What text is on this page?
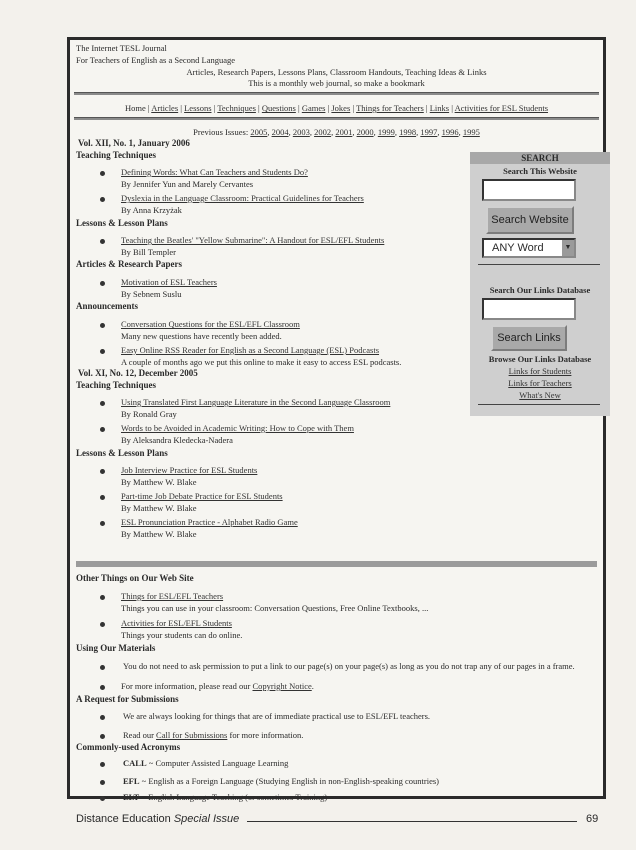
The Internet TESL Journal
For Teachers of English as a Second Language
Articles, Research Papers, Lessons Plans, Classroom Handouts, Teaching Ideas & Links
This is a monthly web journal, so make a bookmark
Home | Articles | Lessons | Techniques | Questions | Games | Jokes | Things for Teachers | Links | Activities for ESL Students
Previous Issues: 2005, 2004, 2003, 2002, 2001, 2000, 1999, 1998, 1997, 1996, 1995
Vol. XII, No. 1, January 2006
Teaching Techniques
Defining Words: What Can Teachers and Students Do?
By Jennifer Yun and Marely Cervantes
Dyslexia in the Language Classroom: Practical Guidelines for Teachers
By Anna Krzyżak
Lessons & Lesson Plans
Teaching the Beatles' "Yellow Submarine": A Handout for ESL/EFL Students
By Bill Templer
Articles & Research Papers
Motivation of ESL Teachers
By Sebnem Suslu
Announcements
Conversation Questions for the ESL/EFL Classroom
Many new questions have recently been added.
Easy Online RSS Reader for English as a Second Language (ESL) Podcasts
A couple of months ago we put this online to make it easy to access ESL podcasts.
Vol. XI, No. 12, December 2005
Teaching Techniques
Using Translated First Language Literature in the Second Language Classroom
By Ronald Gray
Words to be Avoided in Academic Writing: How to Cope with Them
By Aleksandra Kledecka-Nadera
Lessons & Lesson Plans
Job Interview Practice for ESL Students
By Matthew W. Blake
Part-time Job Debate Practice for ESL Students
By Matthew W. Blake
ESL Pronunciation Practice - Alphabet Radio Game
By Matthew W. Blake
SEARCH
Search This Website
Search Website
ANY Word	▼
Search Our Links Database
Search Links
Browse Our Links Database
Links for Students
Links for Teachers
What's New
Other Things on Our Web Site
Things for ESL/EFL Teachers
Things you can use in your classroom: Conversation Questions, Free Online Textbooks, ...
Activities for ESL/EFL Students
Things your students can do online.
Using Our Materials
You do not need to ask permission to put a link to our page(s) on your page(s) as long as you do not trap any of our pages in a frame.
For more information, please read our Copyright Notice.
A Request for Submissions
We are always looking for things that are of immediate practical use to ESL/EFL teachers.
Read our Call for Submissions for more information.
Commonly-used Acronyms
CALL ~ Computer Assisted Language Learning
EFL ~ English as a Foreign Language (Studying English in non-English-speaking countries)
ELT = English Language Teaching (or sometimes Training)
Distance Education Special Issue	69
